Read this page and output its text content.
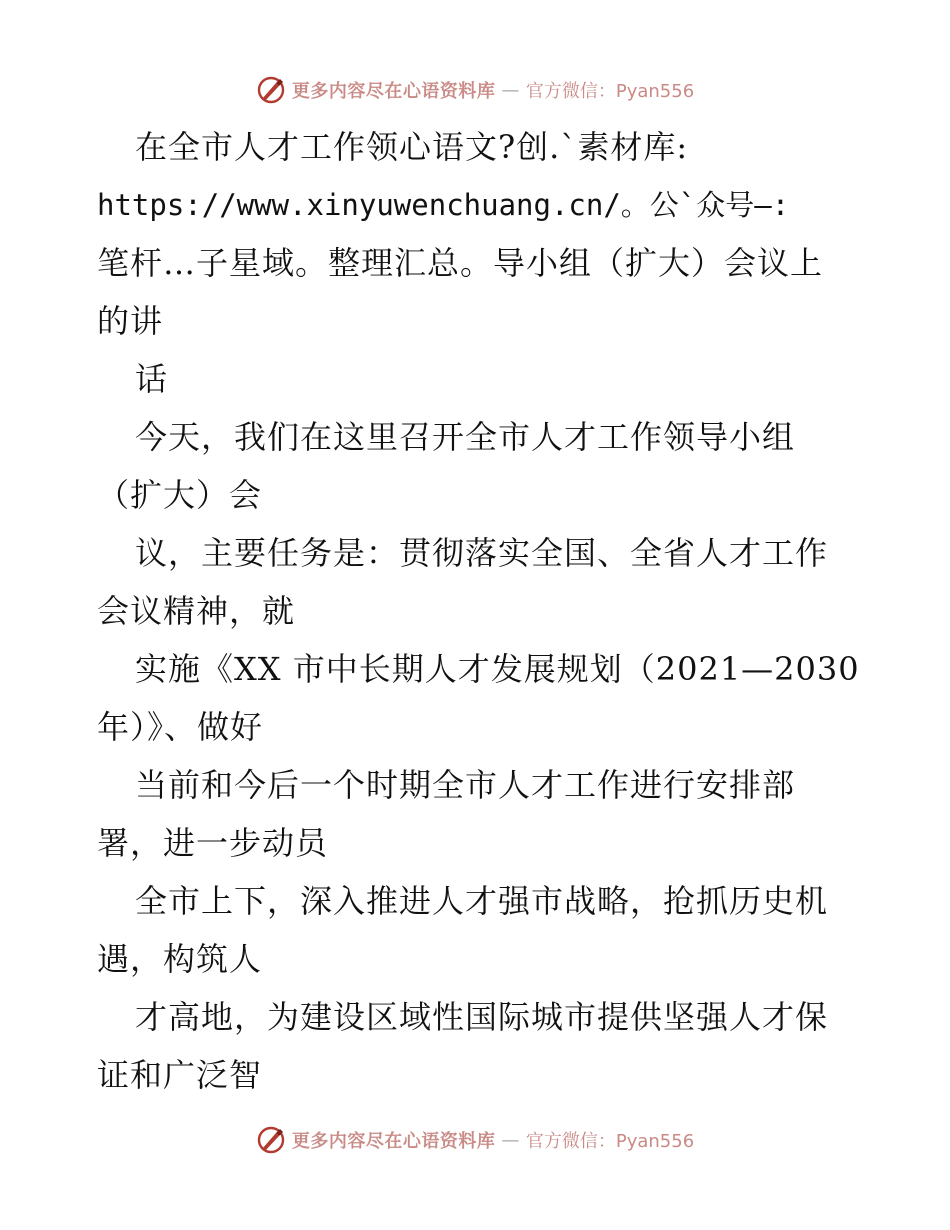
更多内容尽在心语资料库 — 官方微信：Pyan556
在全市人才工作领心语文?创.`素材库:
https://www.xinyuwenchuang.cn/。公`众号—:
笔杆…子星域。整理汇总。导小组（扩大）会议上
的讲
话
今天，我们在这里召开全市人才工作领导小组
（扩大）会
议，主要任务是：贯彻落实全国、全省人才工作
会议精神，就
实施《XX 市中长期人才发展规划（2021—2030
年）》、做好
当前和今后一个时期全市人才工作进行安排部
署，进一步动员
全市上下，深入推进人才强市战略，抢抓历史机
遇，构筑人
才高地，为建设区域性国际城市提供坚强人才保
证和广泛智
更多内容尽在心语资料库 — 官方微信：Pyan556
